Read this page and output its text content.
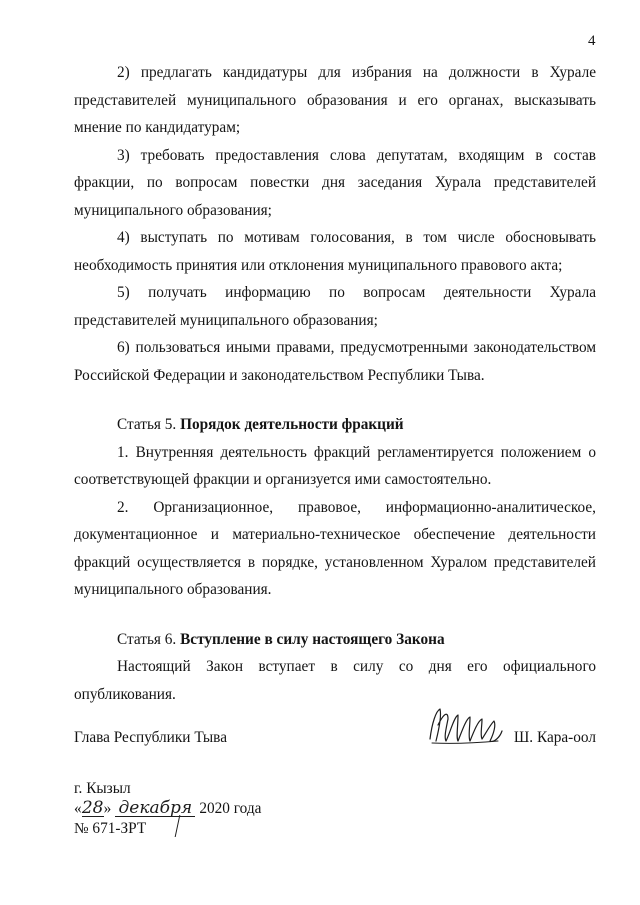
4

2) предлагать кандидатуры для избрания на должности в Хурале представителей муниципального образования и его органах, высказывать мнение по кандидатурам;

3) требовать предоставления слова депутатам, входящим в состав фракции, по вопросам повестки дня заседания Хурала представителей муниципального образования;

4) выступать по мотивам голосования, в том числе обосновывать необходимость принятия или отклонения муниципального правового акта;

5) получать информацию по вопросам деятельности Хурала представителей муниципального образования;

6) пользоваться иными правами, предусмотренными законодательством Российской Федерации и законодательством Республики Тыва.

Статья 5. Порядок деятельности фракций

1. Внутренняя деятельность фракций регламентируется положением о соответствующей фракции и организуется ими самостоятельно.

2. Организационное, правовое, информационно-аналитическое, документационное и материально-техническое обеспечение деятельности фракций осуществляется в порядке, установленном Хуралом представителей муниципального образования.

Статья 6. Вступление в силу настоящего Закона

Настоящий Закон вступает в силу со дня его официального опубликования.

Глава Республики Тыва	Ш. Кара-оол
г. Кызыл
«28» декабря 2020 года
№ 671-ЗРТ
